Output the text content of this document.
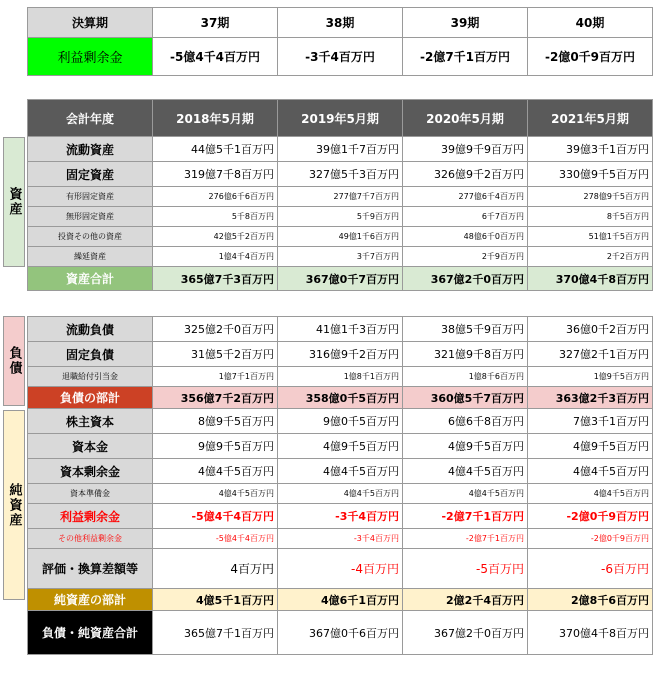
決算期	37期	38期	39期	40期
利益剰余金	-5億4千4百万円	-3千4百万円	-2億7千1百万円	-2億0千9百万円
資産
負債
純資産
会計年度	2018年5月期	2019年5月期	2020年5月期	2021年5月期
流動資産	44億5千1百万円	39億1千7百万円	39億9千9百万円	39億3千1百万円
固定資産	319億7千8百万円	327億5千3百万円	326億9千2百万円	330億9千5百万円
有形固定資産	276億6千6百万円	277億7千7百万円	277億6千4百万円	278億9千5百万円
無形固定資産	5千8百万円	5千9百万円	6千7百万円	8千5百万円
投資その他の資産	42億5千2百万円	49億1千6百万円	48億6千0百万円	51億1千5百万円
繰延資産	1億4千4百万円	3千7百万円	2千9百万円	2千2百万円
資産合計	365億7千3百万円	367億0千7百万円	367億2千0百万円	370億4千8百万円
流動負債	325億2千0百万円	41億1千3百万円	38億5千9百万円	36億0千2百万円
固定負債	31億5千2百万円	316億9千2百万円	321億9千8百万円	327億2千1百万円
退職給付引当金	1億7千1百万円	1億8千1百万円	1億8千6百万円	1億9千5百万円
負債の部計	356億7千2百万円	358億0千5百万円	360億5千7百万円	363億2千3百万円
株主資本	8億9千5百万円	9億0千5百万円	6億6千8百万円	7億3千1百万円
資本金	9億9千5百万円	4億9千5百万円	4億9千5百万円	4億9千5百万円
資本剰余金	4億4千5百万円	4億4千5百万円	4億4千5百万円	4億4千5百万円
資本準備金	4億4千5百万円	4億4千5百万円	4億4千5百万円	4億4千5百万円
利益剰余金	-5億4千4百万円	-3千4百万円	-2億7千1百万円	-2億0千9百万円
その他利益剰余金	-5億4千4百万円	-3千4百万円	-2億7千1百万円	-2億0千9百万円
評価・換算差額等	4百万円	-4百万円	-5百万円	-6百万円
純資産の部計	4億5千1百万円	4億6千1百万円	2億2千4百万円	2億8千6百万円
負債・純資産合計	365億7千1百万円	367億0千6百万円	367億2千0百万円	370億4千8百万円
